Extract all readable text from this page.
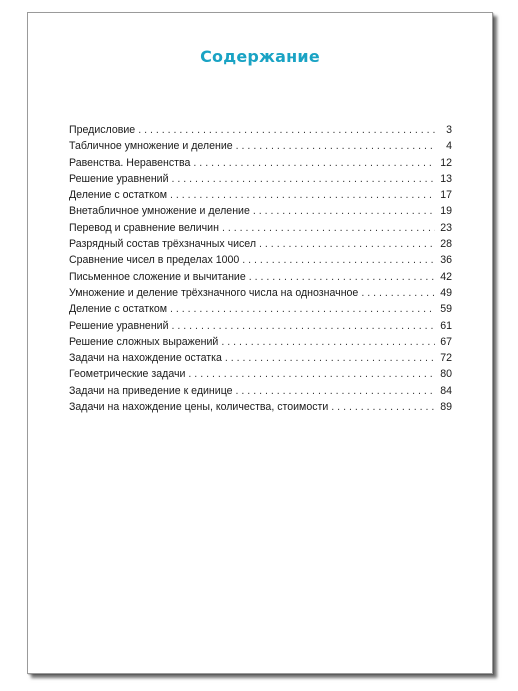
Содержание
Предисловие . . .	3
Табличное умножение и деление . . .	4
Равенства. Неравенства . . .	12
Решение уравнений . . .	13
Деление с остатком . . .	17
Внетабличное умножение и деление . . .	19
Перевод и сравнение величин . . .	23
Разрядный состав трёхзначных чисел . . .	28
Сравнение чисел в пределах 1000 . . .	36
Письменное сложение и вычитание . . .	42
Умножение и деление трёхзначного числа на однозначное . . .	49
Деление с остатком . . .	59
Решение уравнений . . .	61
Решение сложных выражений . . .	67
Задачи на нахождение остатка . . .	72
Геометрические задачи . . .	80
Задачи на приведение к единице . . .	84
Задачи на нахождение цены, количества, стоимости . . .	89
